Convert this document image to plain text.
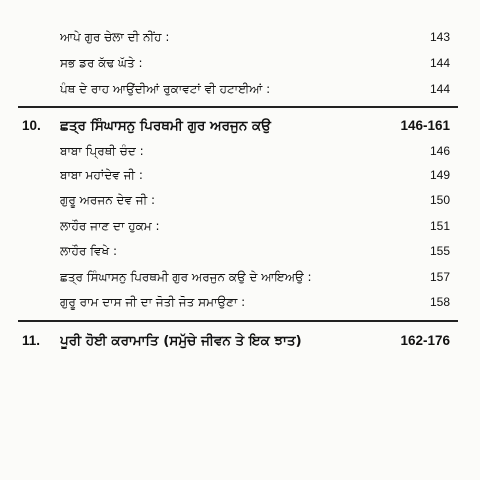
ਆਪੇ ਗੁਰ ਚੇਲਾ ਦੀ ਨੀਂਹ :	143
ਸਭ ਡਰ ਕੱਢ ਘੱਤੇ :	144
ਪੰਥ ਦੇ ਰਾਹ ਆਉਂਦੀਆਂ ਰੁਕਾਵਟਾਂ ਵੀ ਹਟਾਈਆਂ :	144
10.	ਛਤ੍ਰ ਸਿੰਘਾਸਨੁ ਪਿਰਥਮੀ ਗੁਰ ਅਰਜੁਨ ਕਉ	146-161
ਬਾਬਾ ਪ੍ਰਿਥੀ ਚੰਦ :	146
ਬਾਬਾ ਮਹਾਂਦੇਵ ਜੀ :	149
ਗੁਰੂ ਅਰਜਨ ਦੇਵ ਜੀ :	150
ਲਾਹੌਰ ਜਾਣ ਦਾ ਹੁਕਮ :	151
ਲਾਹੌਰ ਵਿਖੇ :	155
ਛਤ੍ਰ ਸਿੰਘਾਸਨੁ ਪਿਰਥਮੀ ਗੁਰ ਅਰਜੁਨ ਕਉ ਦੇ ਆਇਅਉ :	157
ਗੁਰੂ ਰਾਮ ਦਾਸ ਜੀ ਦਾ ਜੋਤੀ ਜੋਤ ਸਮਾਉਣਾ :	158
11.	ਪੂਰੀ ਹੋਈ ਕਰਾਮਾਤਿ (ਸਮੁੱਚੇ ਜੀਵਨ ਤੇ ਇਕ ਝਾਤ)	162-176
